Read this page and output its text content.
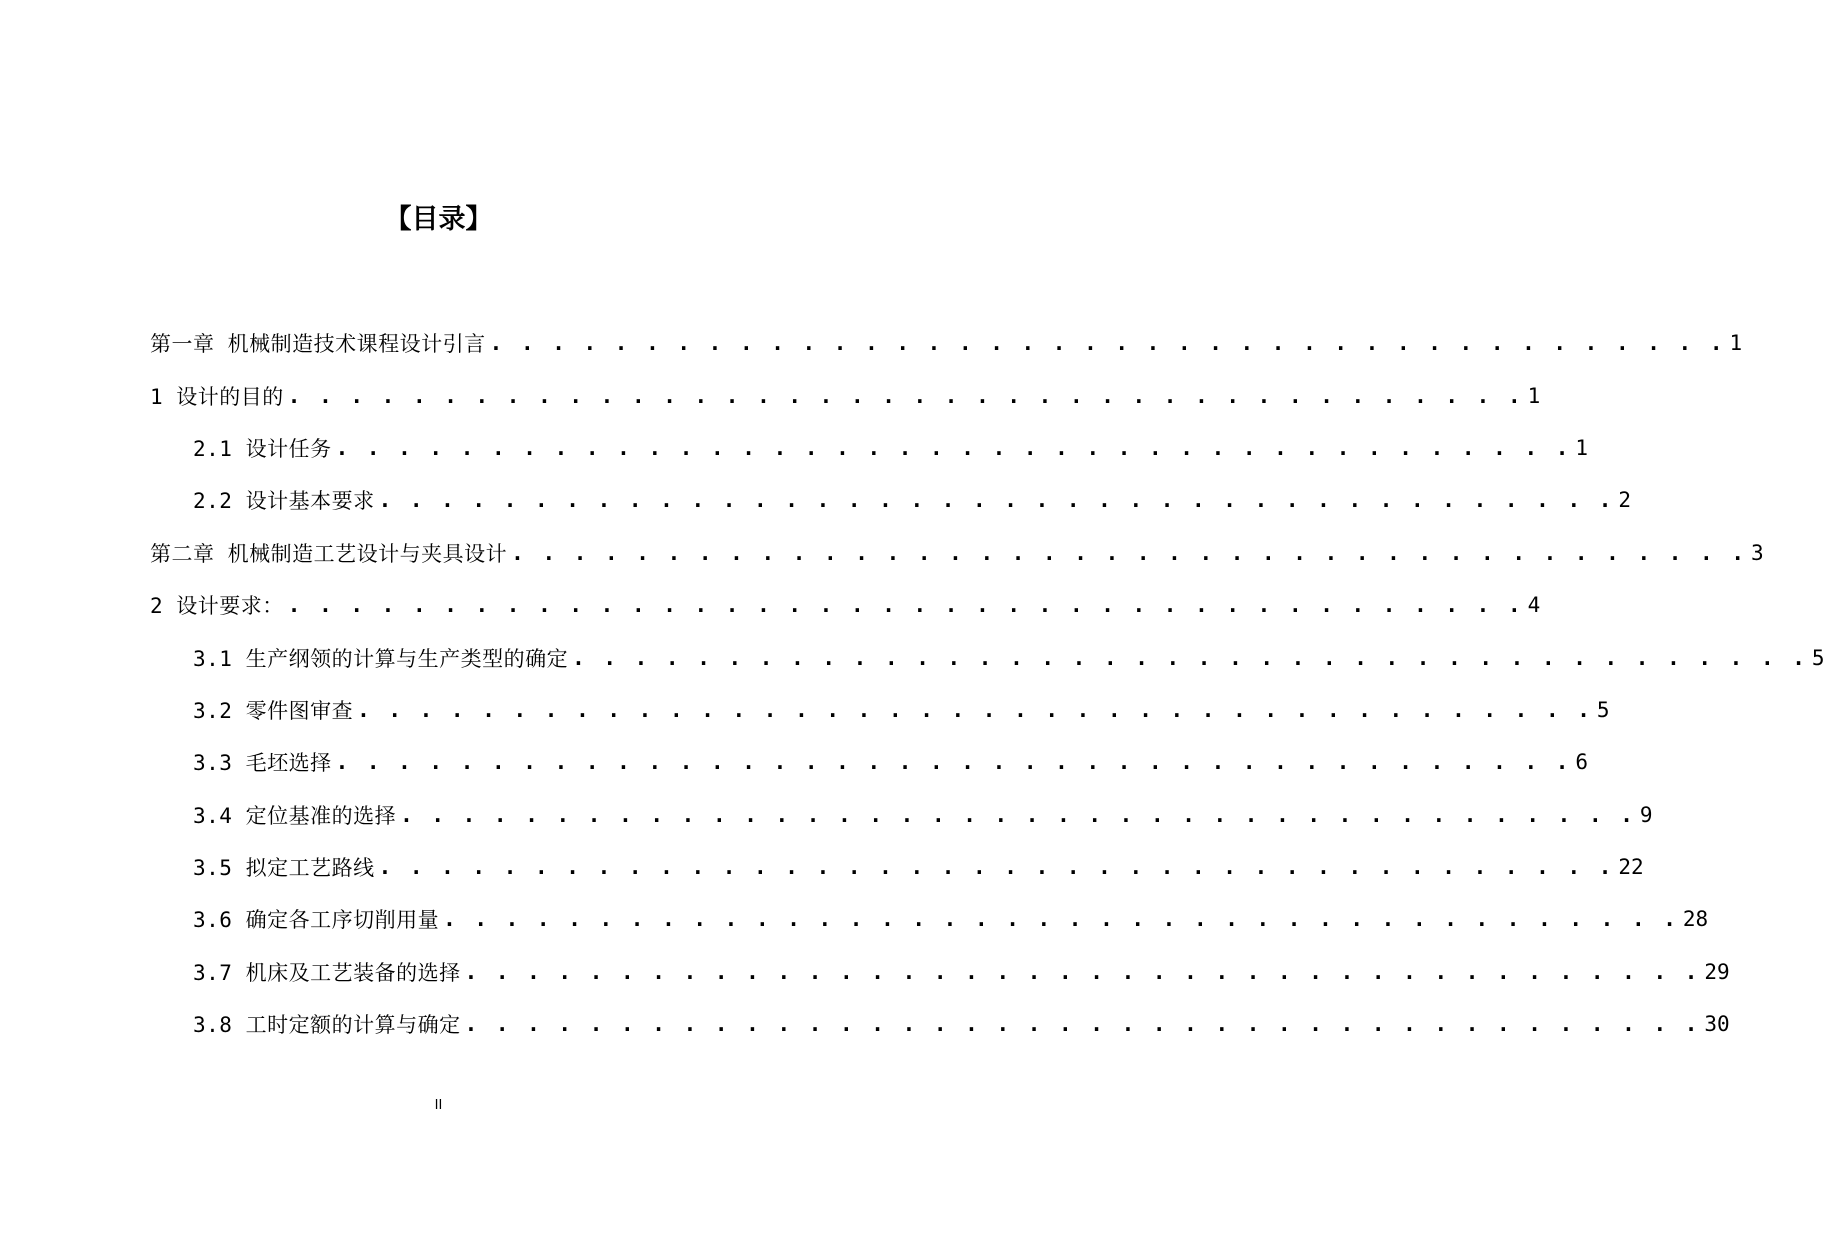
【目录】
第一章 机械制造技术课程设计引言 . . . . . . . . . . . . . . . . . . . . . . . . . . . . . . . . . . . . . . . . 1
1 设计的目的 . . . . . . . . . . . . . . . . . . . . . . . . . . . . . . . . . . . . . . . . 1
2.1 设计任务 . . . . . . . . . . . . . . . . . . . . . . . . . . . . . . . . . . . . . . . . 1
2.2 设计基本要求 . . . . . . . . . . . . . . . . . . . . . . . . . . . . . . . . . . . . . . . . 2
第二章 机械制造工艺设计与夹具设计 . . . . . . . . . . . . . . . . . . . . . . . . . . . . . . . . . . . . . . . . 3
2 设计要求： . . . . . . . . . . . . . . . . . . . . . . . . . . . . . . . . . . . . . . . . 4
3.1 生产纲领的计算与生产类型的确定 . . . . . . . . . . . . . . . . . . . . . . . . . . . . . . . . . . . . . . . . 5
3.2 零件图审查 . . . . . . . . . . . . . . . . . . . . . . . . . . . . . . . . . . . . . . . . 5
3.3 毛坯选择 . . . . . . . . . . . . . . . . . . . . . . . . . . . . . . . . . . . . . . . . 6
3.4 定位基准的选择 . . . . . . . . . . . . . . . . . . . . . . . . . . . . . . . . . . . . . . . . 9
3.5 拟定工艺路线 . . . . . . . . . . . . . . . . . . . . . . . . . . . . . . . . . . . . . . . . 22
3.6 确定各工序切削用量 . . . . . . . . . . . . . . . . . . . . . . . . . . . . . . . . . . . . . . . . 28
3.7 机床及工艺装备的选择 . . . . . . . . . . . . . . . . . . . . . . . . . . . . . . . . . . . . . . . . 29
3.8 工时定额的计算与确定 . . . . . . . . . . . . . . . . . . . . . . . . . . . . . . . . . . . . . . . . 30
II
